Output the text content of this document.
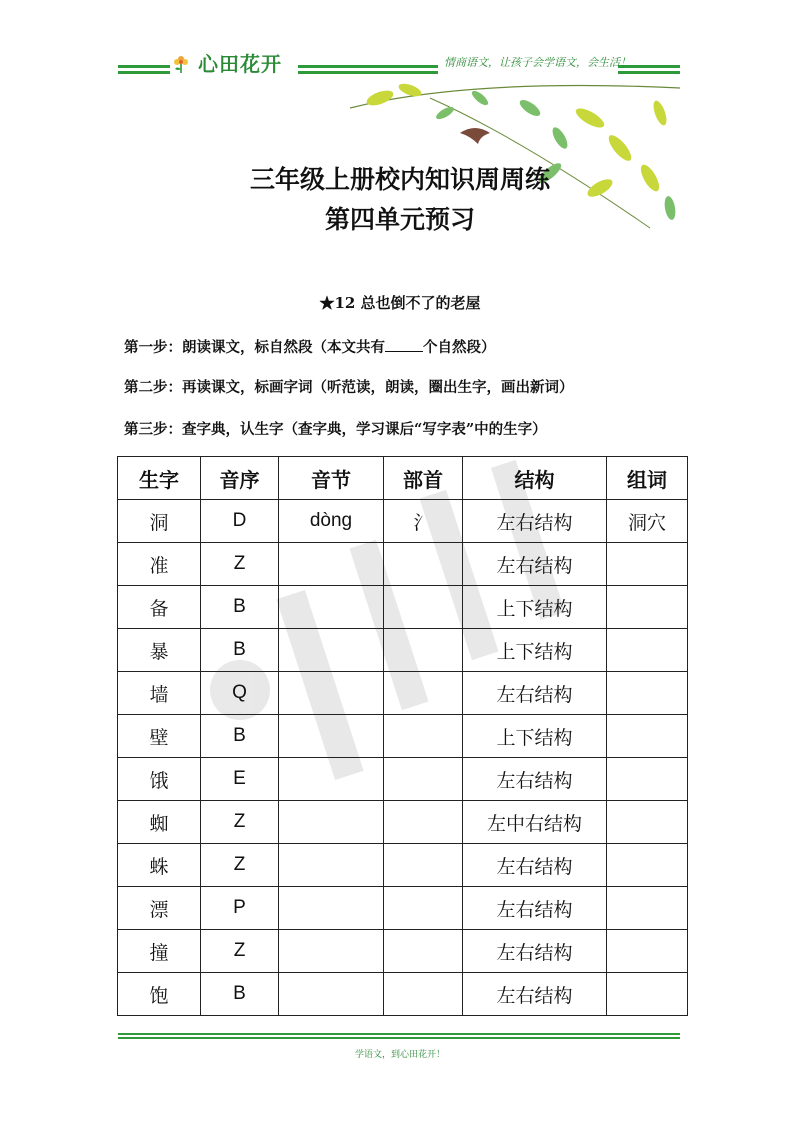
心田花开	情商语文，让孩子会学语文，会生活！
三年级上册校内知识周周练
第四单元预习
★12 总也倒不了的老屋
第一步：朗读课文，标自然段（本文共有	个自然段）
第二步：再读课文，标画字词（听范读，朗读，圈出生字，画出新词）
第三步：查字典，认生字（查字典，学习课后“写字表”中的生字）
生字	音序	音节	部首	结构	组词
洞	D	dòng	氵	左右结构	洞穴
准	Z			左右结构	
备	B			上下结构	
暴	B			上下结构	
墙	Q			左右结构	
壁	B			上下结构	
饿	E			左右结构	
蜘	Z			左中右结构	
蛛	Z			左右结构	
漂	P			左右结构	
撞	Z			左右结构	
饱	B			左右结构	
学语文，到心田花开！
